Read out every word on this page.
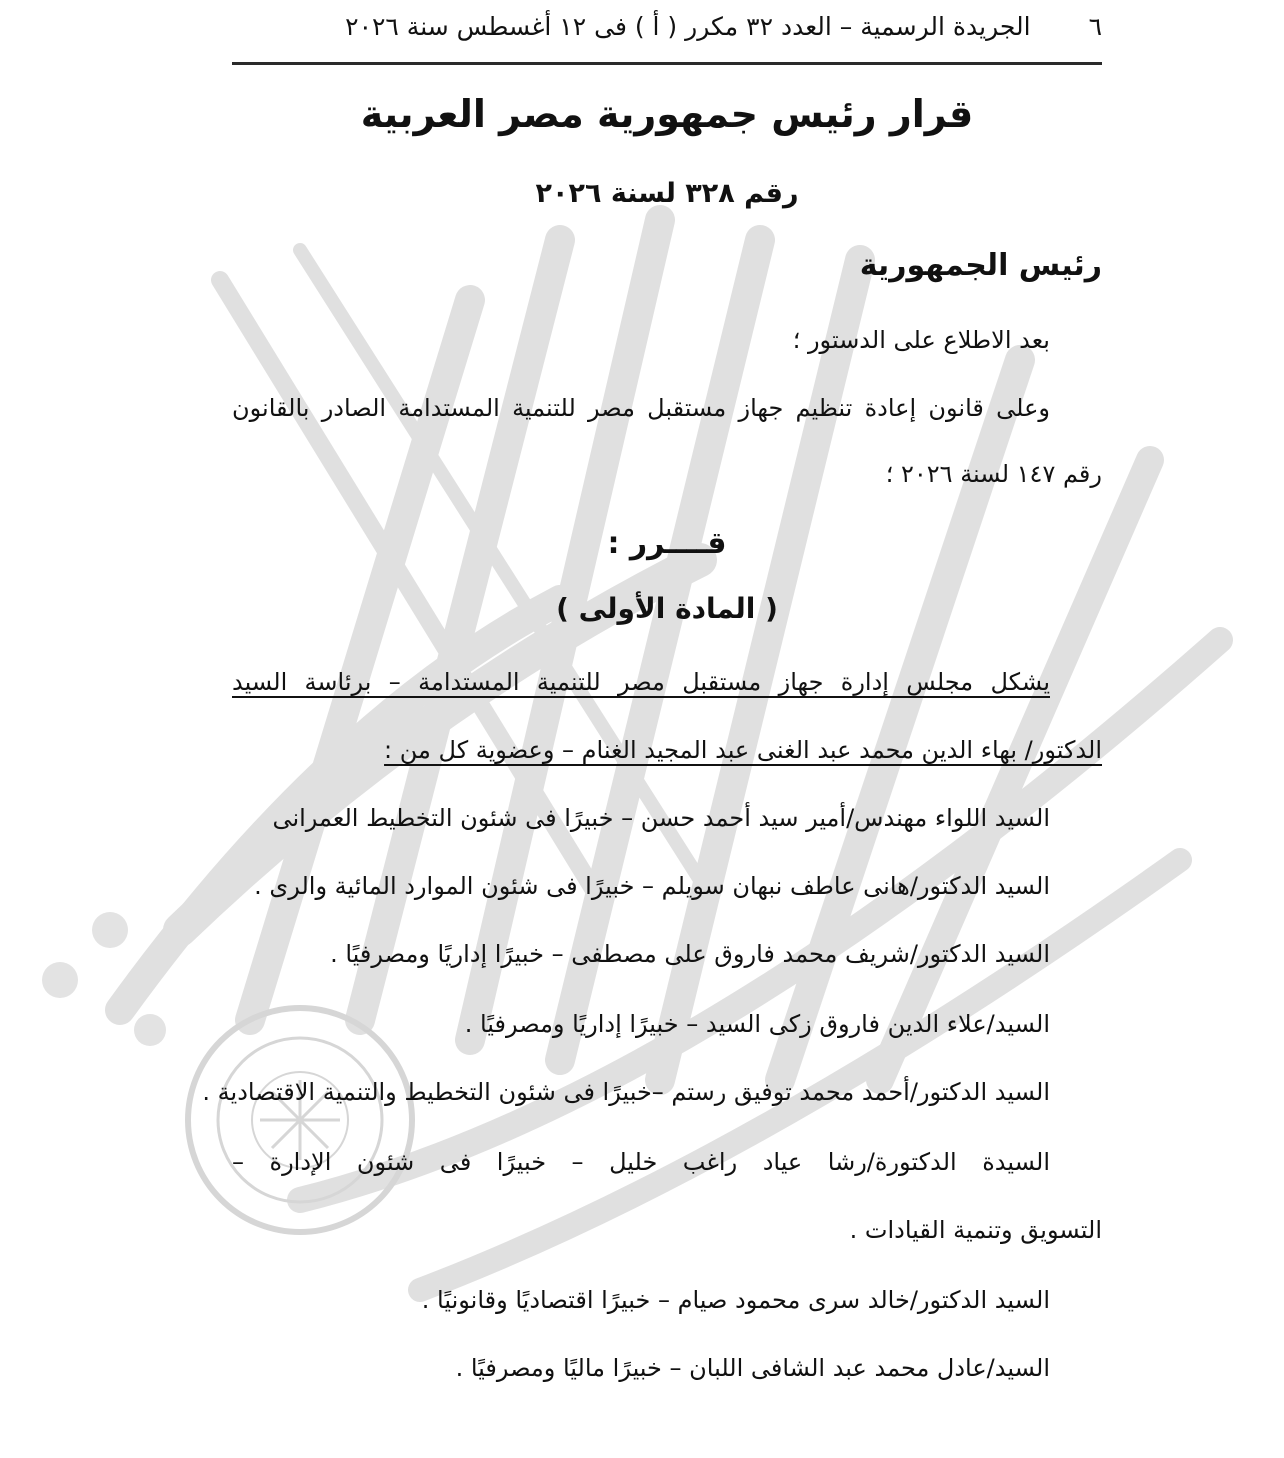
٦
الجريدة الرسمية – العدد ٣٢ مكرر ( أ ) فى ١٢ أغسطس سنة ٢٠٢٦
قرار رئيس جمهورية مصر العربية
رقم ٣٢٨ لسنة ٢٠٢٦
رئيس الجمهورية
بعد الاطلاع على الدستور ؛
وعلى قانون إعادة تنظيم جهاز مستقبل مصر للتنمية المستدامة الصادر بالقانون
رقم ١٤٧ لسنة ٢٠٢٦ ؛
قــــرر :
( المادة الأولى )
يشكل مجلس إدارة جهاز مستقبل مصر للتنمية المستدامة – برئاسة السيد
الدكتور/ بهاء الدين محمد عبد الغنى عبد المجيد الغنام – وعضوية كل من :
السيد اللواء مهندس/أمير سيد أحمد حسن – خبيرًا فى شئون التخطيط العمرانى
السيد الدكتور/هانى عاطف نبهان سويلم – خبيرًا فى شئون الموارد المائية والرى .
السيد الدكتور/شريف محمد فاروق على مصطفى – خبيرًا إداريًا ومصرفيًا .
السيد/علاء الدين فاروق زكى السيد – خبيرًا إداريًا ومصرفيًا .
السيد الدكتور/أحمد محمد توفيق رستم –خبيرًا فى شئون التخطيط والتنمية الاقتصادية .
السيدة الدكتورة/رشا عياد راغب خليل – خبيرًا فى شئون الإدارة –
التسويق وتنمية القيادات .
السيد الدكتور/خالد سرى محمود صيام – خبيرًا اقتصاديًا وقانونيًا .
السيد/عادل محمد عبد الشافى اللبان – خبيرًا ماليًا ومصرفيًا .
